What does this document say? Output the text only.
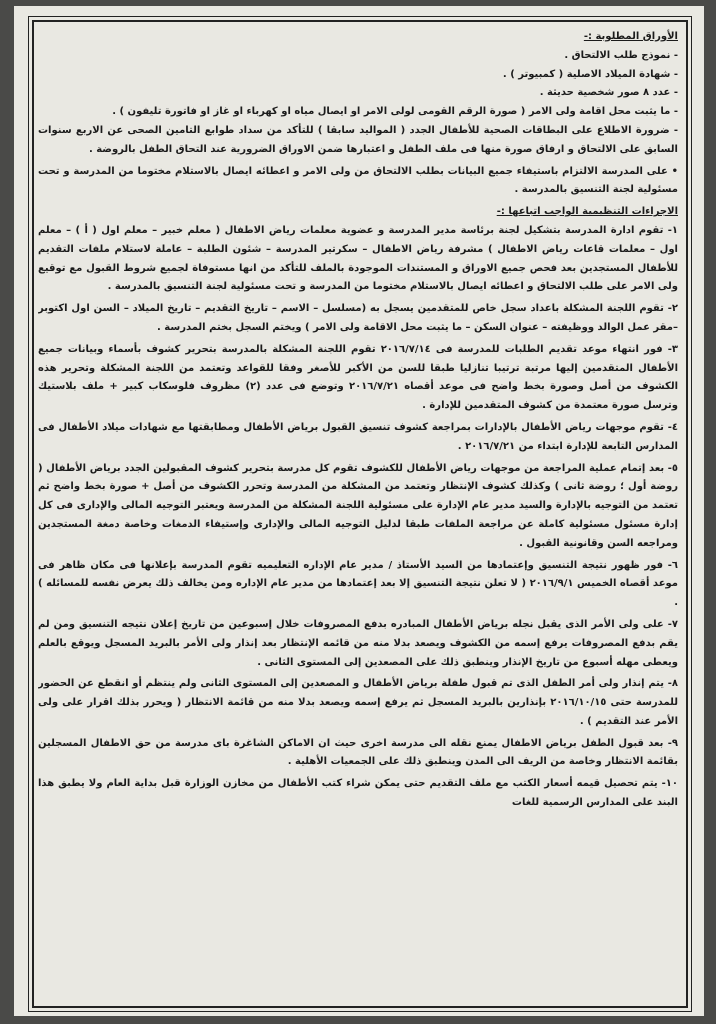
الأوراق المطلوبة :-

- نموذج طلب الالتحاق .
- شهادة الميلاد الاصلية ( كمبيوتر ) .
- عدد ٨ صور شخصية حديثة .
- ما يثبت محل اقامة ولى الامر ( صورة الرقم القومى لولى الامر او ايصال مياه او كهرباء او غاز او فاتورة تليفون ) .
- ضرورة الاطلاع على البطاقات الصحية للأطفال الجدد ( المواليد سابقا ) للتأكد من سداد طوابع التامين الصحى عن الاربع سنوات السابق على الالتحاق و ارفاق صورة منها فى ملف الطفل و اعتبارها ضمن الاوراق الضرورية عند التحاق الطفل بالروضة .
• على المدرسة الالتزام باستيفاء جميع البيانات بطلب الالتحاق من ولى الامر و اعطائه ايصال بالاستلام مختوما من المدرسة و تحت مسئولية لجنة التنسيق بالمدرسة .

الاجراءات التنظيمية الواجب اتباعها :-

١- تقوم ادارة المدرسة بتشكيل لجنة برئاسة مدير المدرسة و عضوية معلمات رياض الاطفال ( معلم خبير – معلم اول ( أ ) – معلم اول – معلمات قاعات رياض الاطفال ) مشرفة رياض الاطفال – سكرتير المدرسة – شئون الطلبة – عاملة لاستلام ملفات التقديم للأطفال المستجدين بعد فحص جميع الاوراق و المستندات الموجودة بالملف للتأكد من انها مستوفاة لجميع شروط القبول مع توقيع ولى الامر على طلب الالتحاق و اعطائه ايصال بالاستلام مختوما من المدرسة و تحت مسئولية لجنة التنسيق بالمدرسة .

٢- تقوم اللجنة المشكلة باعداد سجل خاص للمتقدمين يسجل به (مسلسل – الاسم – تاريخ التقديم – تاريخ الميلاد – السن اول اكتوبر –مقر عمل الوالد ووظيفته – عنوان السكن – ما يثبت محل الاقامة ولى الامر ) ويختم السجل بختم المدرسة .

٣- فور انتهاء موعد تقديم الطلبات للمدرسة فى ٢٠١٦/٧/١٤ تقوم اللجنة المشكلة بالمدرسة بتحرير كشوف بأسماء وبيانات جميع الأطفال المتقدمين إليها مرتبة ترتيبا تنازليا طبقا للسن من الأكبر للأصغر وفقا للقواعد وتعتمد من اللجنة المشكلة وتحرير هذه الكشوف من أصل وصورة بخط واضح فى موعد أقصاه ٢٠١٦/٧/٢١ وتوضع فى عدد (٢) مظروف فلوسكاب كبير + ملف بلاستيك وترسل صورة معتمدة من كشوف المتقدمين للإدارة .

٤- تقوم موجهات رياض الأطفال بالإدارات بمراجعة كشوف تنسيق القبول برياض الأطفال ومطابقتها مع شهادات ميلاد الأطفال فى المدارس التابعة للإدارة ابتداء من ٢٠١٦/٧/٢١ .

٥- بعد إتمام عملية المراجعة من موجهات رياض الأطفال للكشوف تقوم كل مدرسة بتحرير كشوف المقبولين الجدد برياض الأطفال ( روضة أول ؛ روضة ثانى ) وكذلك كشوف الإنتظار وتعتمد من المشكلة من المدرسة وتحرر الكشوف من أصل + صورة بخط واضح ثم تعتمد من التوجيه بالإدارة والسيد مدير عام الإدارة على مسئولية اللجنة المشكلة من المدرسة ويعتبر التوجيه المالى والإدارى فى كل إدارة مسئول مسئولية كاملة عن مراجعة الملفات طبقا لدليل التوجيه المالى والإدارى وإستيفاء الدمغات وخاصة دمغة المستجدين ومراجعه السن وقانونية القبول .

٦- فور ظهور نتيجة التنسيق وإعتمادها من السيد الأستاذ / مدير عام الإداره التعليميه تقوم المدرسة بإعلانها فى مكان ظاهر فى موعد أقصاه الخميس ٢٠١٦/٩/١ ( لا تعلن نتيجة التنسيق إلا بعد إعتمادها من مدير عام الإداره ومن يخالف ذلك يعرض نفسه للمسائله ) .

٧- على ولى الأمر الذى يقبل نجله برياض الأطفال المبادره بدفع المصروفات خلال إسبوعين من تاريخ إعلان نتيجه التنسيق ومن لم يقم بدفع المصروفات يرفع إسمه من الكشوف ويصعد بدلا منه من قائمه الإنتظار بعد إنذار ولى الأمر بالبريد المسجل ويوقع بالعلم ويعطى مهله أسبوع من تاريخ الإنذار وينطبق ذلك على المصعدين إلى المستوى الثانى .

٨- يتم إنذار ولى أمر الطفل الذى تم قبول طفلة برياض الأطفال و المصعدين إلى المستوى الثانى ولم ينتظم أو انقطع عن الحضور للمدرسة حتى ٢٠١٦/١٠/١٥ بإنذارين بالبريد المسجل ثم يرفع إسمه ويصعد بدلا منه من قائمة الانتظار ( ويحرر بذلك اقرار على ولى الأمر عند التقديم ) .

٩- بعد قبول الطفل برياض الاطفال يمنع نقله الى مدرسة اخرى حيث ان الاماكن الشاغرة باى مدرسة من حق الاطفال المسجلين بقائمة الانتظار وخاصة من الريف الى المدن وينطبق ذلك على الجمعيات الأهلية .

١٠- يتم تحصيل قيمه أسعار الكتب مع ملف التقديم حتى يمكن شراء كتب الأطفال من مخازن الوزارة قبل بداية العام ولا يطبق هذا البند على المدارس الرسمية للغات
